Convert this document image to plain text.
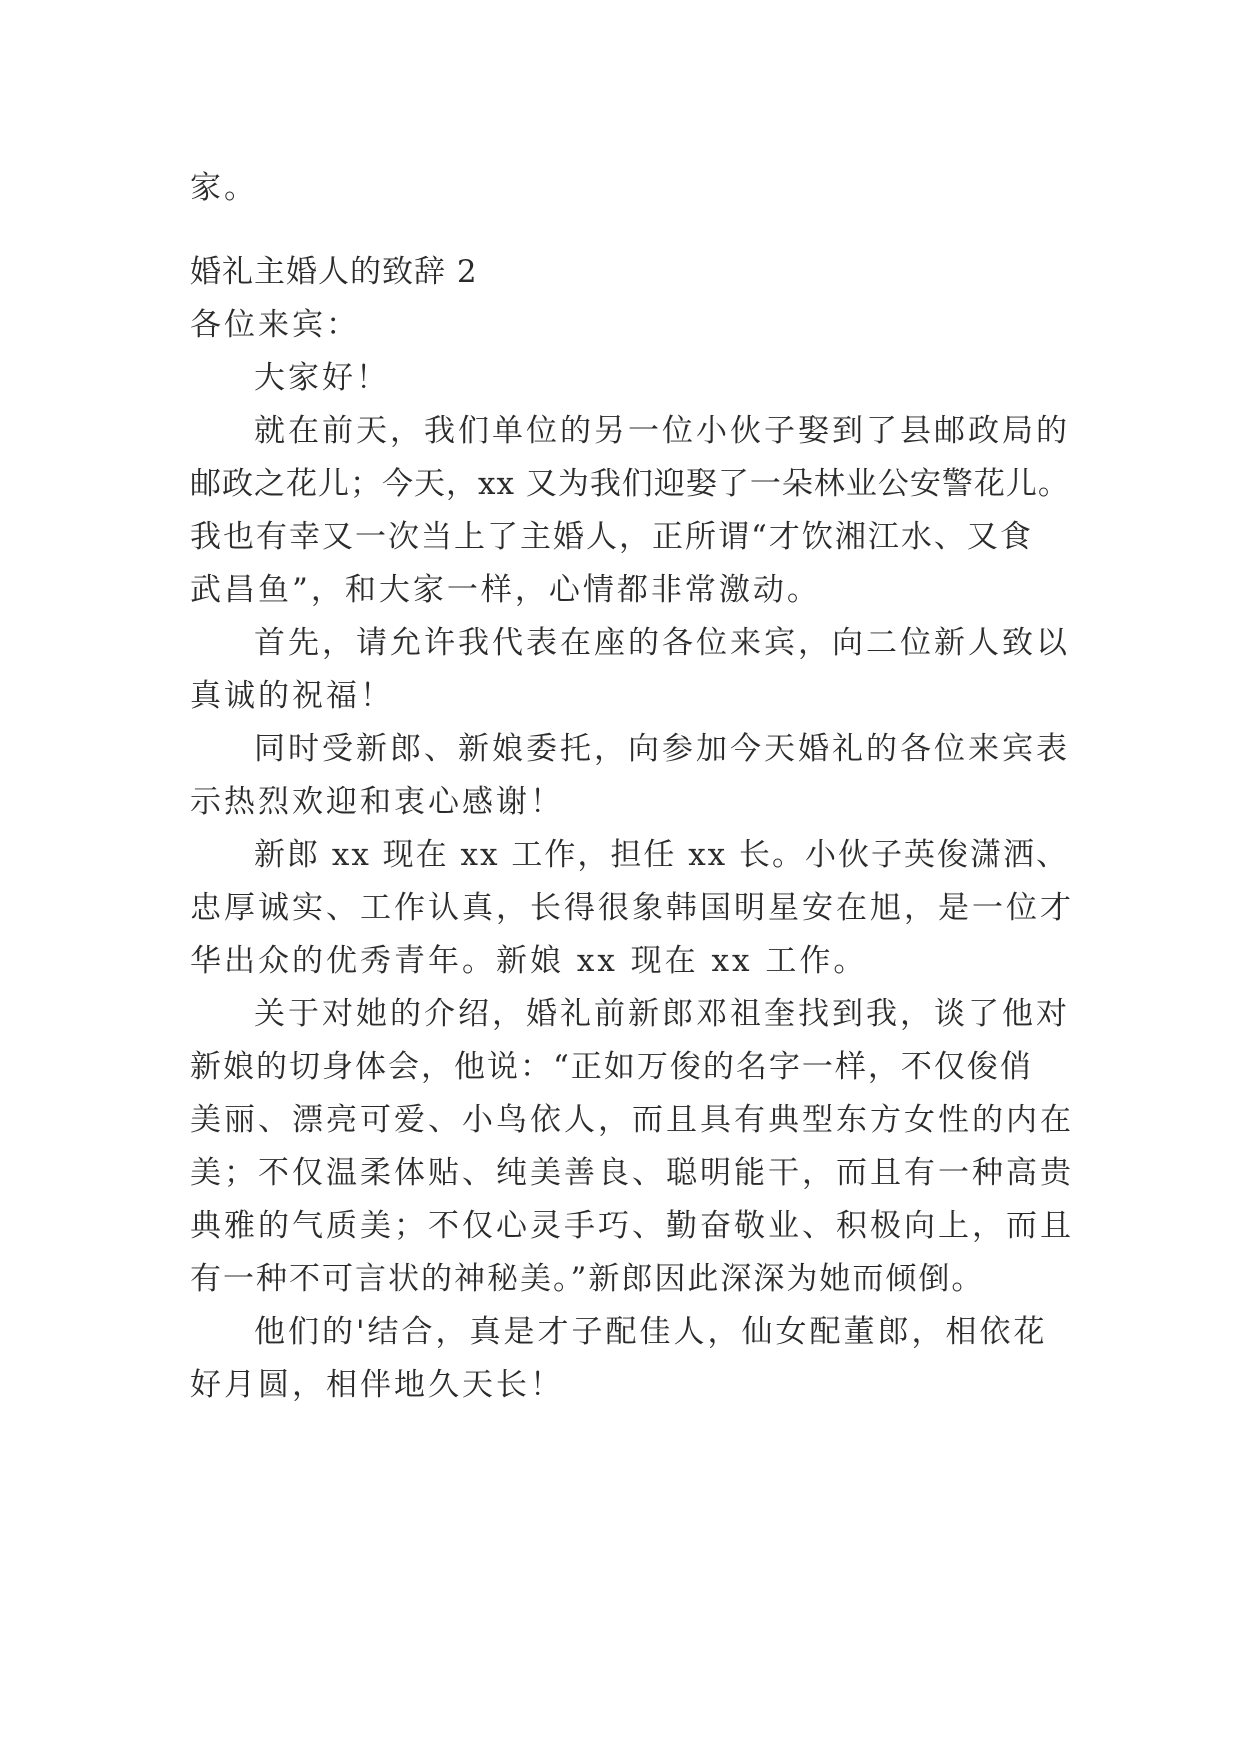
家。
婚礼主婚人的致辞 2
各位来宾：
大家好！
就在前天，我们单位的另一位小伙子娶到了县邮政局的
邮政之花儿；今天，xx 又为我们迎娶了一朵林业公安警花儿。
我也有幸又一次当上了主婚人，正所谓“才饮湘江水、又食
武昌鱼”，和大家一样，心情都非常激动。
首先，请允许我代表在座的各位来宾，向二位新人致以
真诚的祝福！
同时受新郎、新娘委托，向参加今天婚礼的各位来宾表
示热烈欢迎和衷心感谢！
新郎 xx 现在 xx 工作，担任 xx 长。小伙子英俊潇洒、
忠厚诚实、工作认真，长得很象韩国明星安在旭，是一位才
华出众的优秀青年。新娘 xx 现在 xx 工作。
关于对她的介绍，婚礼前新郎邓祖奎找到我，谈了他对
新娘的切身体会，他说：“正如万俊的名字一样，不仅俊俏
美丽、漂亮可爱、小鸟依人，而且具有典型东方女性的内在
美；不仅温柔体贴、纯美善良、聪明能干，而且有一种高贵
典雅的气质美；不仅心灵手巧、勤奋敬业、积极向上，而且
有一种不可言状的神秘美。”新郎因此深深为她而倾倒。
他们的'结合，真是才子配佳人，仙女配董郎，相依花
好月圆，相伴地久天长！
